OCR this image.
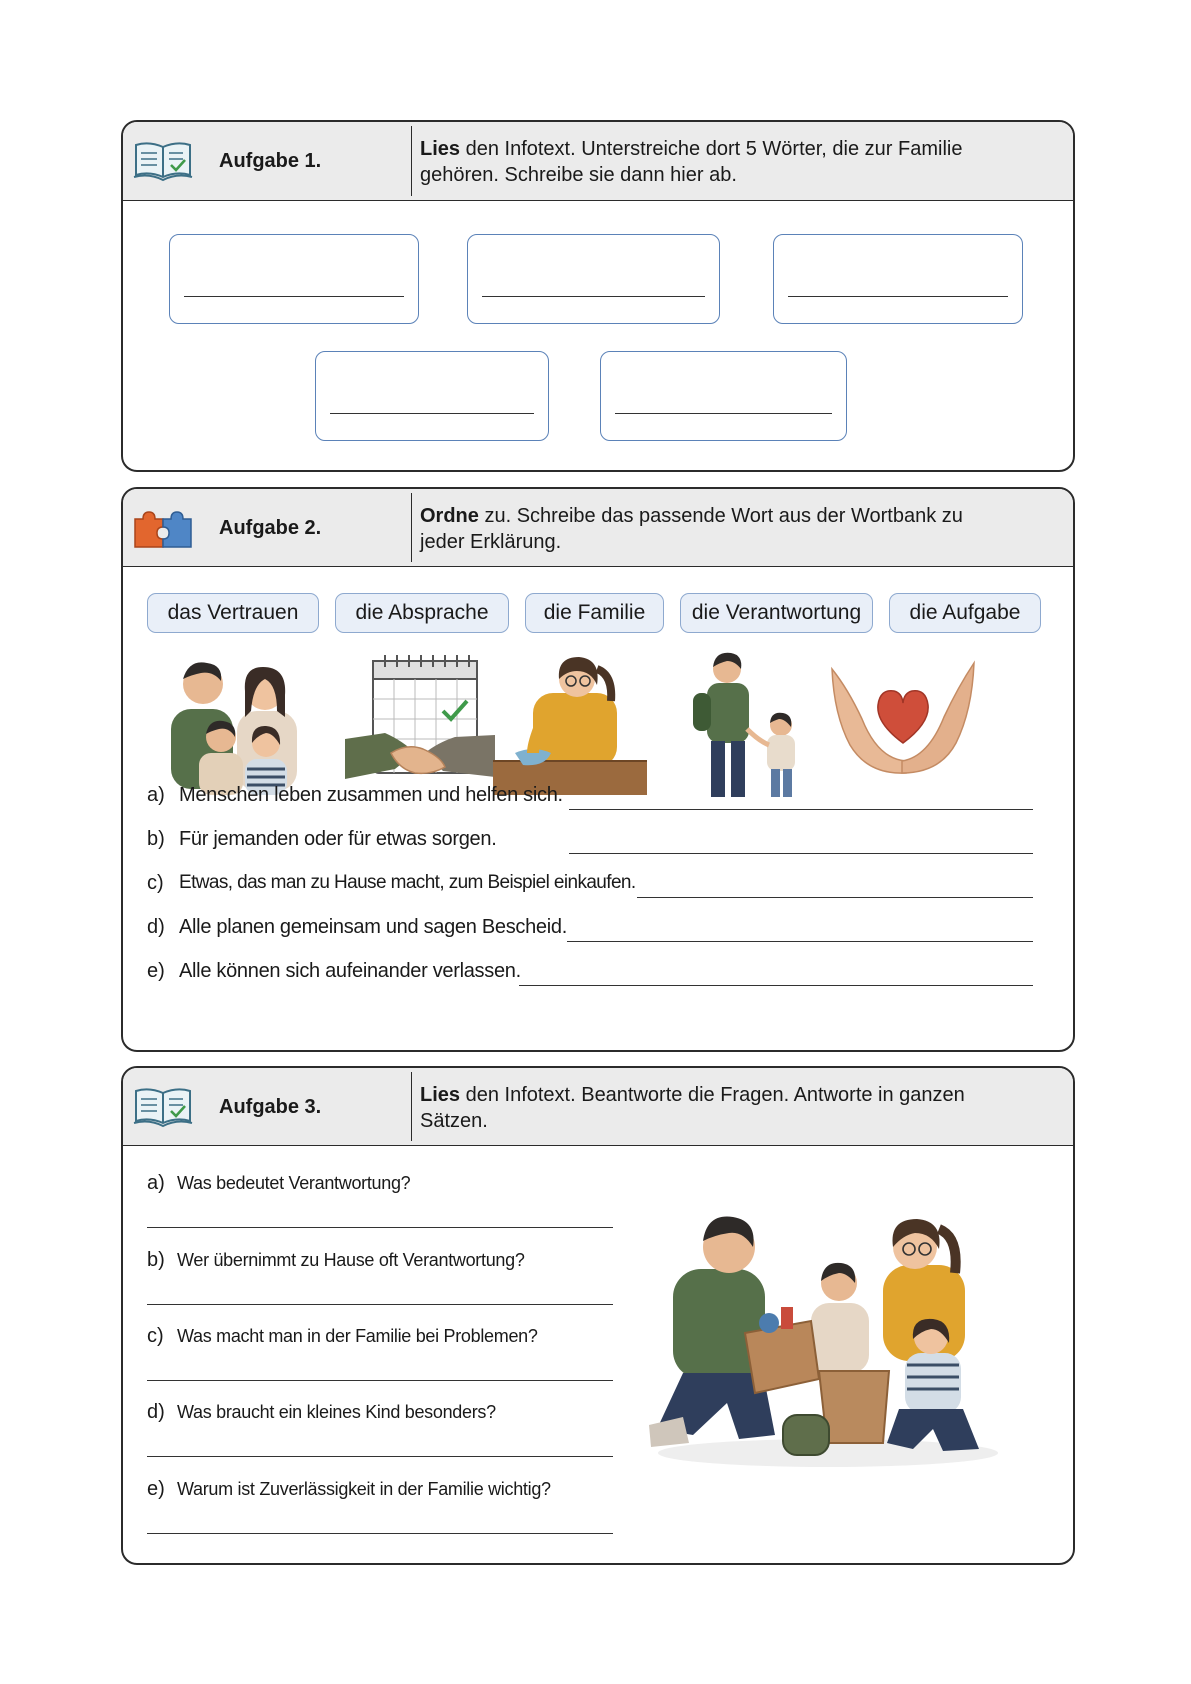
Aufgabe 1.
Lies den Infotext. Unterstreiche dort 5 Wörter, die zur Familie gehören. Schreibe sie dann hier ab.
Aufgabe 2.
Ordne zu. Schreibe das passende Wort aus der Wortbank zu jeder Erklärung.
das Vertrauen	die Absprache	die Familie	die Verantwortung	die Aufgabe
a) Menschen leben zusammen und helfen sich.
b) Für jemanden oder für etwas sorgen.
c) Etwas, das man zu Hause macht, zum Beispiel einkaufen.
d) Alle planen gemeinsam und sagen Bescheid.
e) Alle können sich aufeinander verlassen.
Aufgabe 3.
Lies den Infotext. Beantworte die Fragen. Antworte in ganzen Sätzen.
a) Was bedeutet Verantwortung?
b) Wer übernimmt zu Hause oft Verantwortung?
c) Was macht man in der Familie bei Problemen?
d) Was braucht ein kleines Kind besonders?
e) Warum ist Zuverlässigkeit in der Familie wichtig?
